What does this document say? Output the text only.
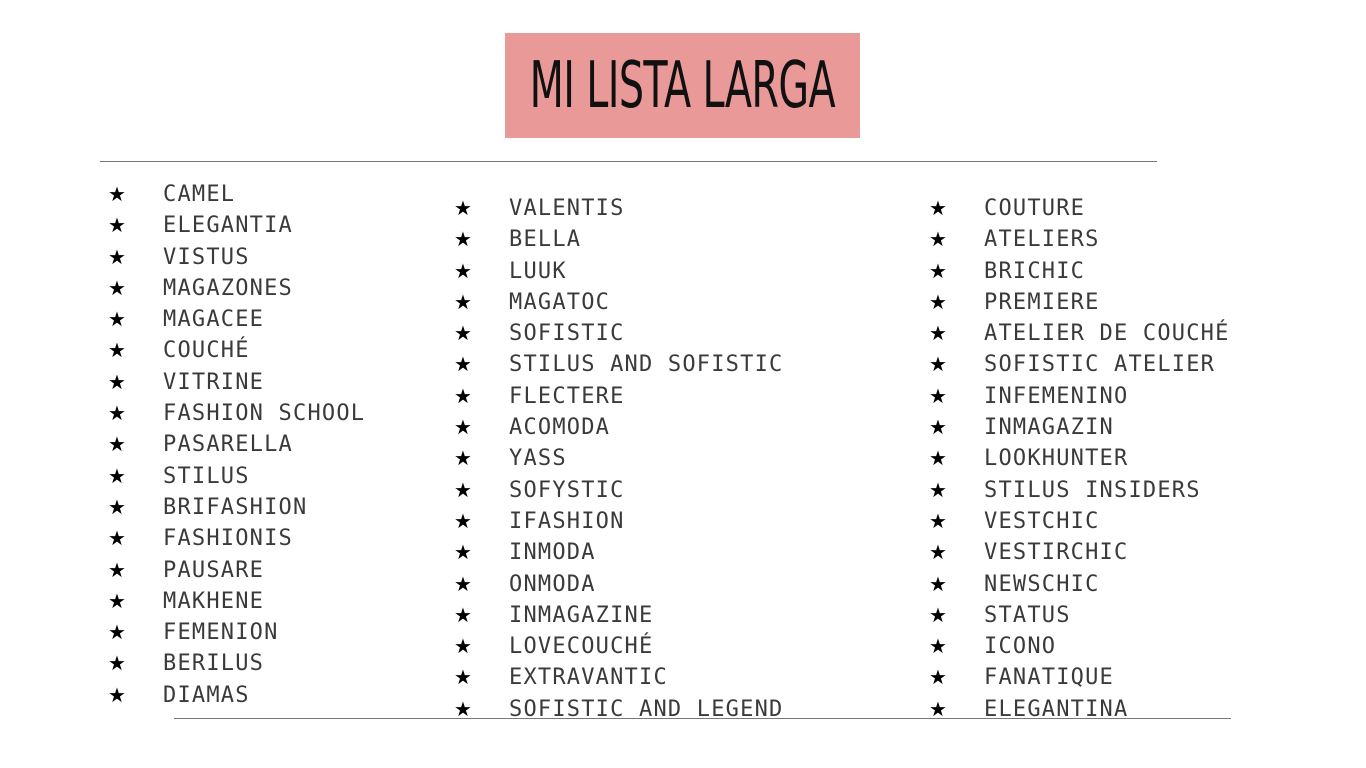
MI LISTA LARGA
★	CAMEL
★	ELEGANTIA
★	VISTUS
★	MAGAZONES
★	MAGACEE
★	COUCHÉ
★	VITRINE
★	FASHION SCHOOL
★	PASARELLA
★	STILUS
★	BRIFASHION
★	FASHIONIS
★	PAUSARE
★	MAKHENE
★	FEMENION
★	BERILUS
★	DIAMAS
★	VALENTIS
★	BELLA
★	LUUK
★	MAGATOC
★	SOFISTIC
★	STILUS AND SOFISTIC
★	FLECTERE
★	ACOMODA
★	YASS
★	SOFYSTIC
★	IFASHION
★	INMODA
★	ONMODA
★	INMAGAZINE
★	LOVECOUCHÉ
★	EXTRAVANTIC
★	SOFISTIC AND LEGEND
★	COUTURE
★	ATELIERS
★	BRICHIC
★	PREMIERE
★	ATELIER DE COUCHÉ
★	SOFISTIC ATELIER
★	INFEMENINO
★	INMAGAZIN
★	LOOKHUNTER
★	STILUS INSIDERS
★	VESTCHIC
★	VESTIRCHIC
★	NEWSCHIC
★	STATUS
★	ICONO
★	FANATIQUE
★	ELEGANTINA
